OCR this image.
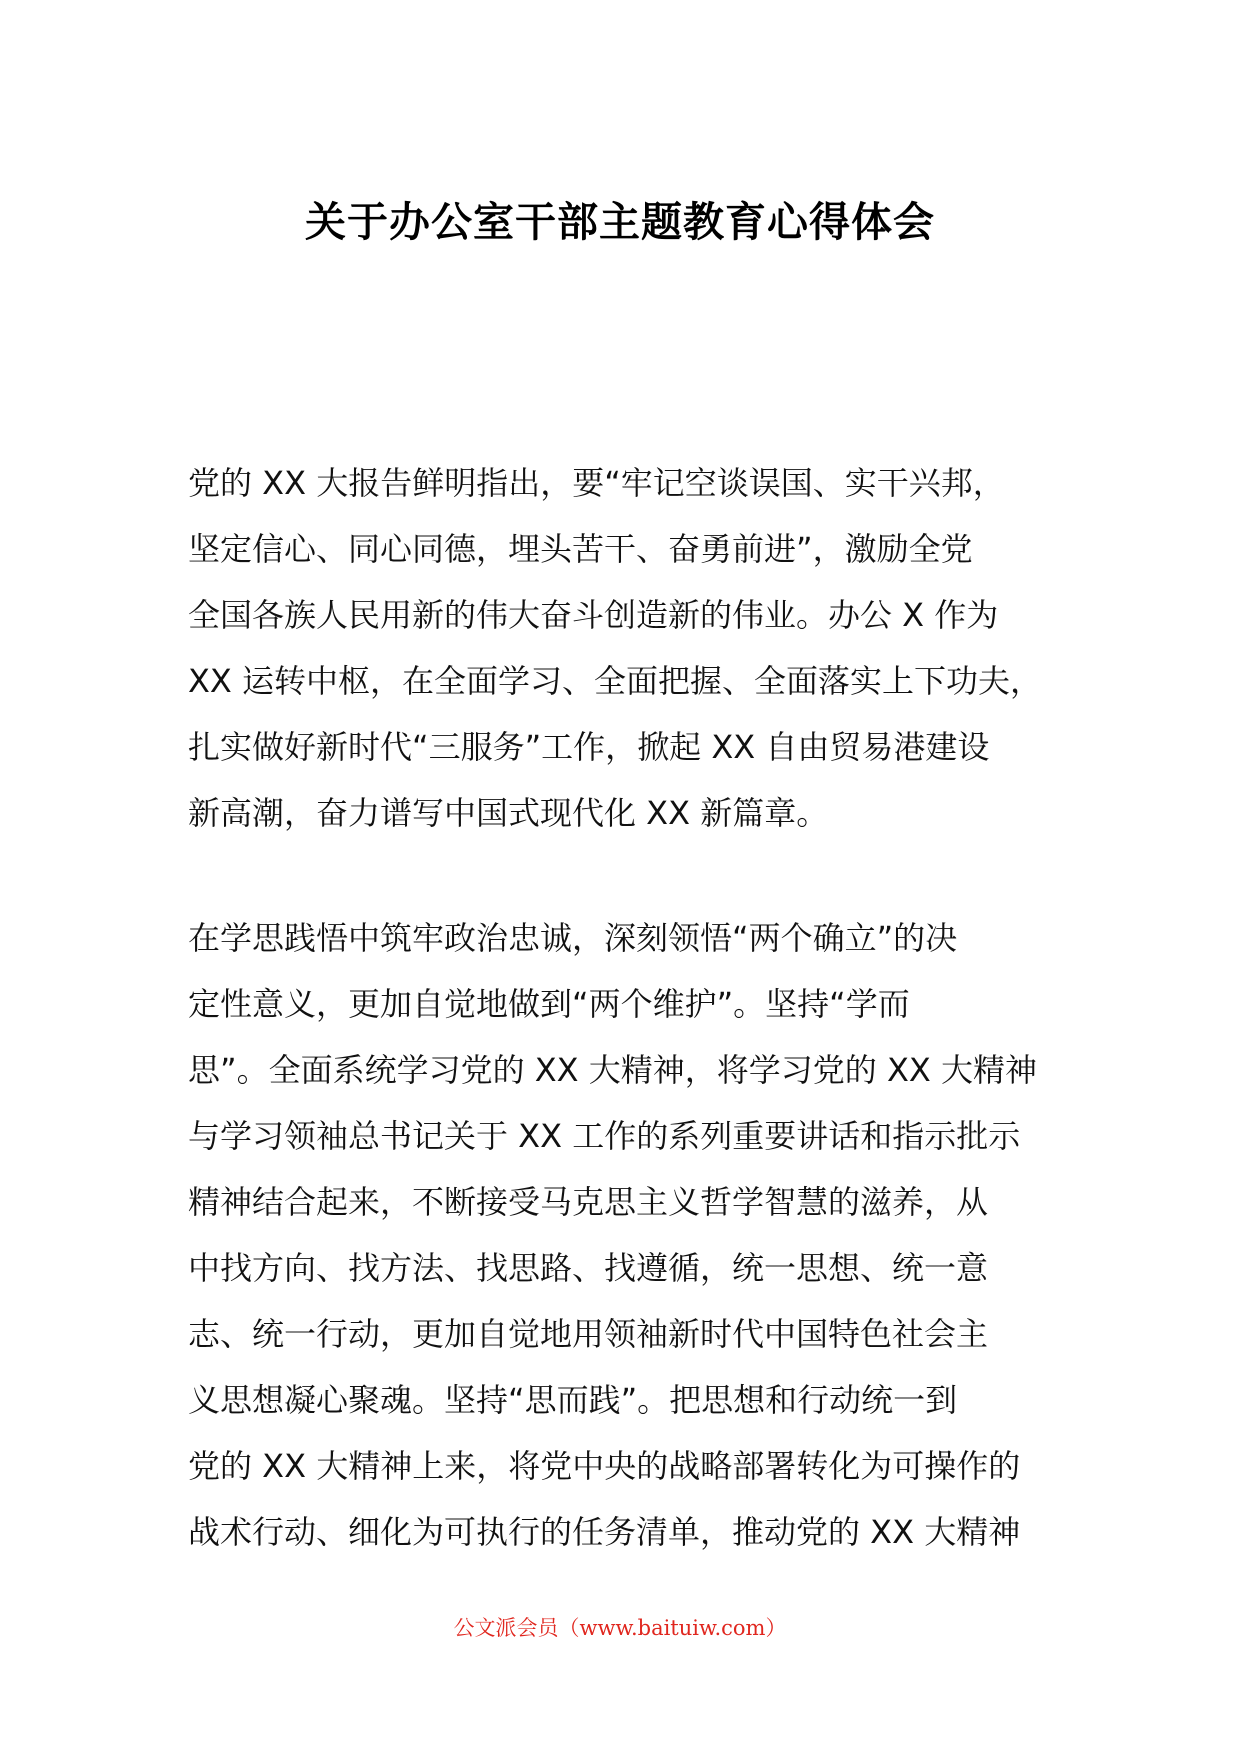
关于办公室干部主题教育心得体会
党的 XX 大报告鲜明指出，要“牢记空谈误国、实干兴邦，
坚定信心、同心同德，埋头苦干、奋勇前进”，激励全党
全国各族人民用新的伟大奋斗创造新的伟业。办公 X 作为
XX 运转中枢，在全面学习、全面把握、全面落实上下功夫，
扎实做好新时代“三服务”工作，掀起 XX 自由贸易港建设
新高潮，奋力谱写中国式现代化 XX 新篇章。
在学思践悟中筑牢政治忠诚，深刻领悟“两个确立”的决
定性意义，更加自觉地做到“两个维护”。坚持“学而
思”。全面系统学习党的 XX 大精神，将学习党的 XX 大精神
与学习领袖总书记关于 XX 工作的系列重要讲话和指示批示
精神结合起来，不断接受马克思主义哲学智慧的滋养，从
中找方向、找方法、找思路、找遵循，统一思想、统一意
志、统一行动，更加自觉地用领袖新时代中国特色社会主
义思想凝心聚魂。坚持“思而践”。把思想和行动统一到
党的 XX 大精神上来，将党中央的战略部署转化为可操作的
战术行动、细化为可执行的任务清单，推动党的 XX 大精神
公文派会员（www.baituiw.com）
